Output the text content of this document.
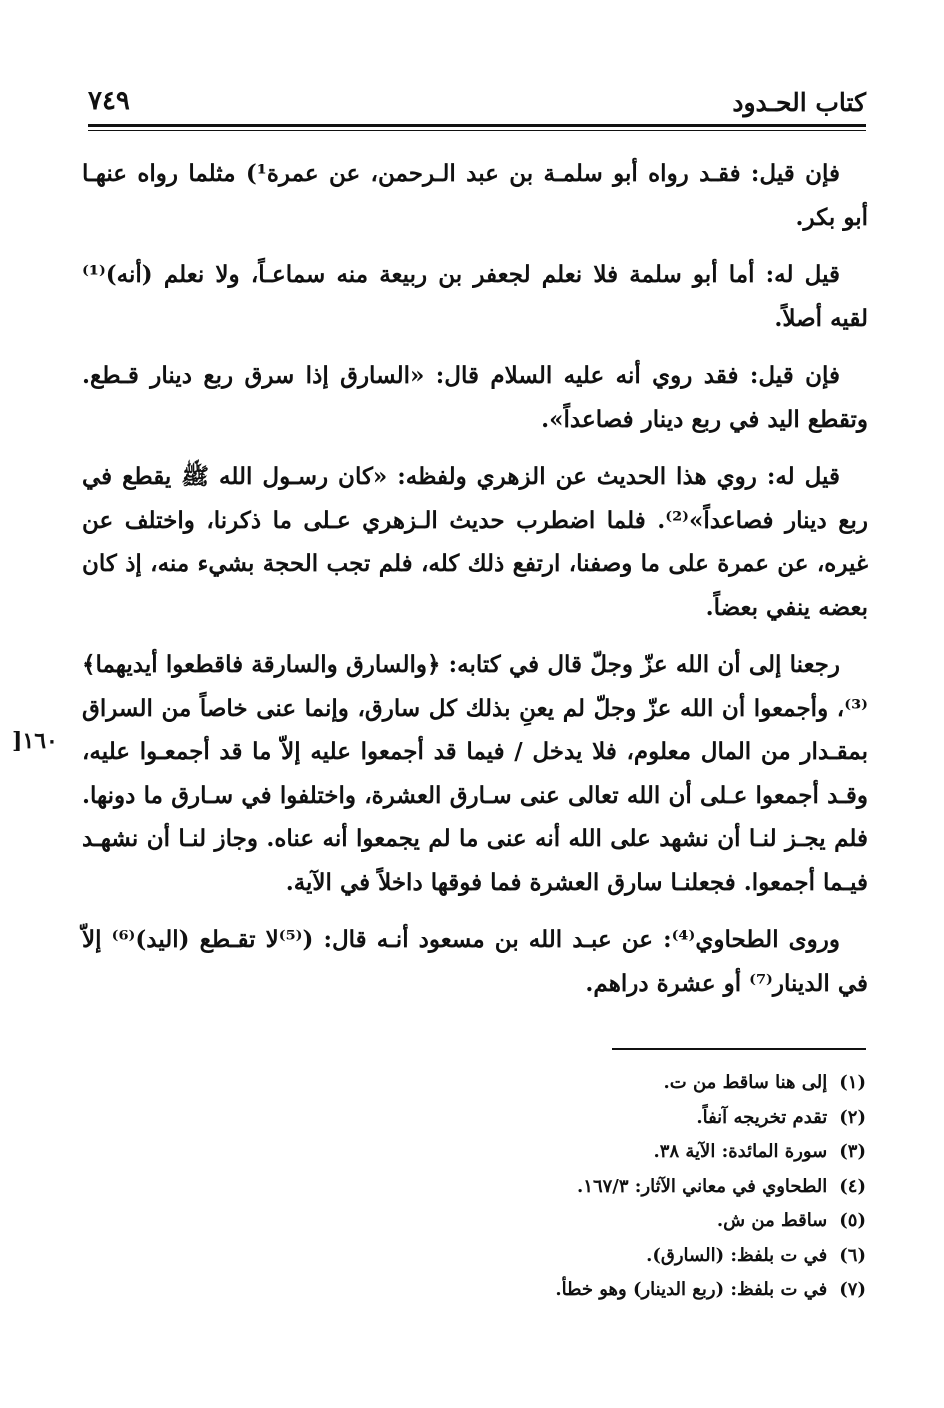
٧٤٩	كتاب الحـدود

فإن قيل: فقـد رواه أبو سلمـة بن عبد الـرحمن، عن عمرة¹) مثلما رواه عنهـا أبو بكر.

قيل له: أما أبو سلمة فلا نعلم لجعفر بن ربيعة منه سماعـاً، ولا نعلم (أنه)⁽¹⁾ لقيه أصلاً.

فإن قيل: فقد روي أنه عليه السلام قال: «السارق إذا سرق ربع دينار قـطع. وتقطع اليد في ربع دينار فصاعداً».

قيل له: روي هذا الحديث عن الزهري ولفظه: «كان رسـول الله ﷺ يقطع في ربع دينار فصاعداً»⁽²⁾. فلما اضطرب حديث الـزهري عـلى ما ذكرنا، واختلف عن غيره، عن عمرة على ما وصفنا، ارتفع ذلك كله، فلم تجب الحجة بشيء منه، إذ كان بعضه ينفي بعضاً.

رجعنا إلى أن الله عزّ وجلّ قال في كتابه: ﴿والسارق والسارقة فاقطعوا أيديهما﴾⁽³⁾، وأجمعوا أن الله عزّ وجلّ لم يعنِ بذلك كل سارق، وإنما عنى خاصاً من السراق بمقـدار من المال معلوم، فلا يدخل / فيما قد أجمعوا عليه إلاّ ما قد أجمعـوا عليه، وقـد أجمعوا عـلى أن الله تعالى عنى سـارق العشرة، واختلفوا في سـارق ما دونها. فلم يجـز لنـا أن نشهد على الله أنه عنى ما لم يجمعوا أنه عناه. وجاز لنـا أن نشهـد فيـما أجمعوا. فجعلنـا سارق العشرة فما فوقها داخلاً في الآية.

وروى الطحاوي⁽⁴⁾: عن عبـد الله بن مسعود أنـه قال: (⁽⁵⁾لا تقـطع (اليد)⁽⁶⁾ إلاّ في الدينار⁽⁷⁾ أو عشرة دراهم.

١٦٠[
(١)إلى هنا ساقط من ت.
(٢)تقدم تخريجه آنفاً.
(٣)سورة المائدة: الآية ٣٨.
(٤)الطحاوي في معاني الآثار: ١٦٧/٣.
(٥)ساقط من ش.
(٦)في ت بلفظ: (السارق).
(٧)في ت بلفظ: (ربع الدينار) وهو خطأ.
